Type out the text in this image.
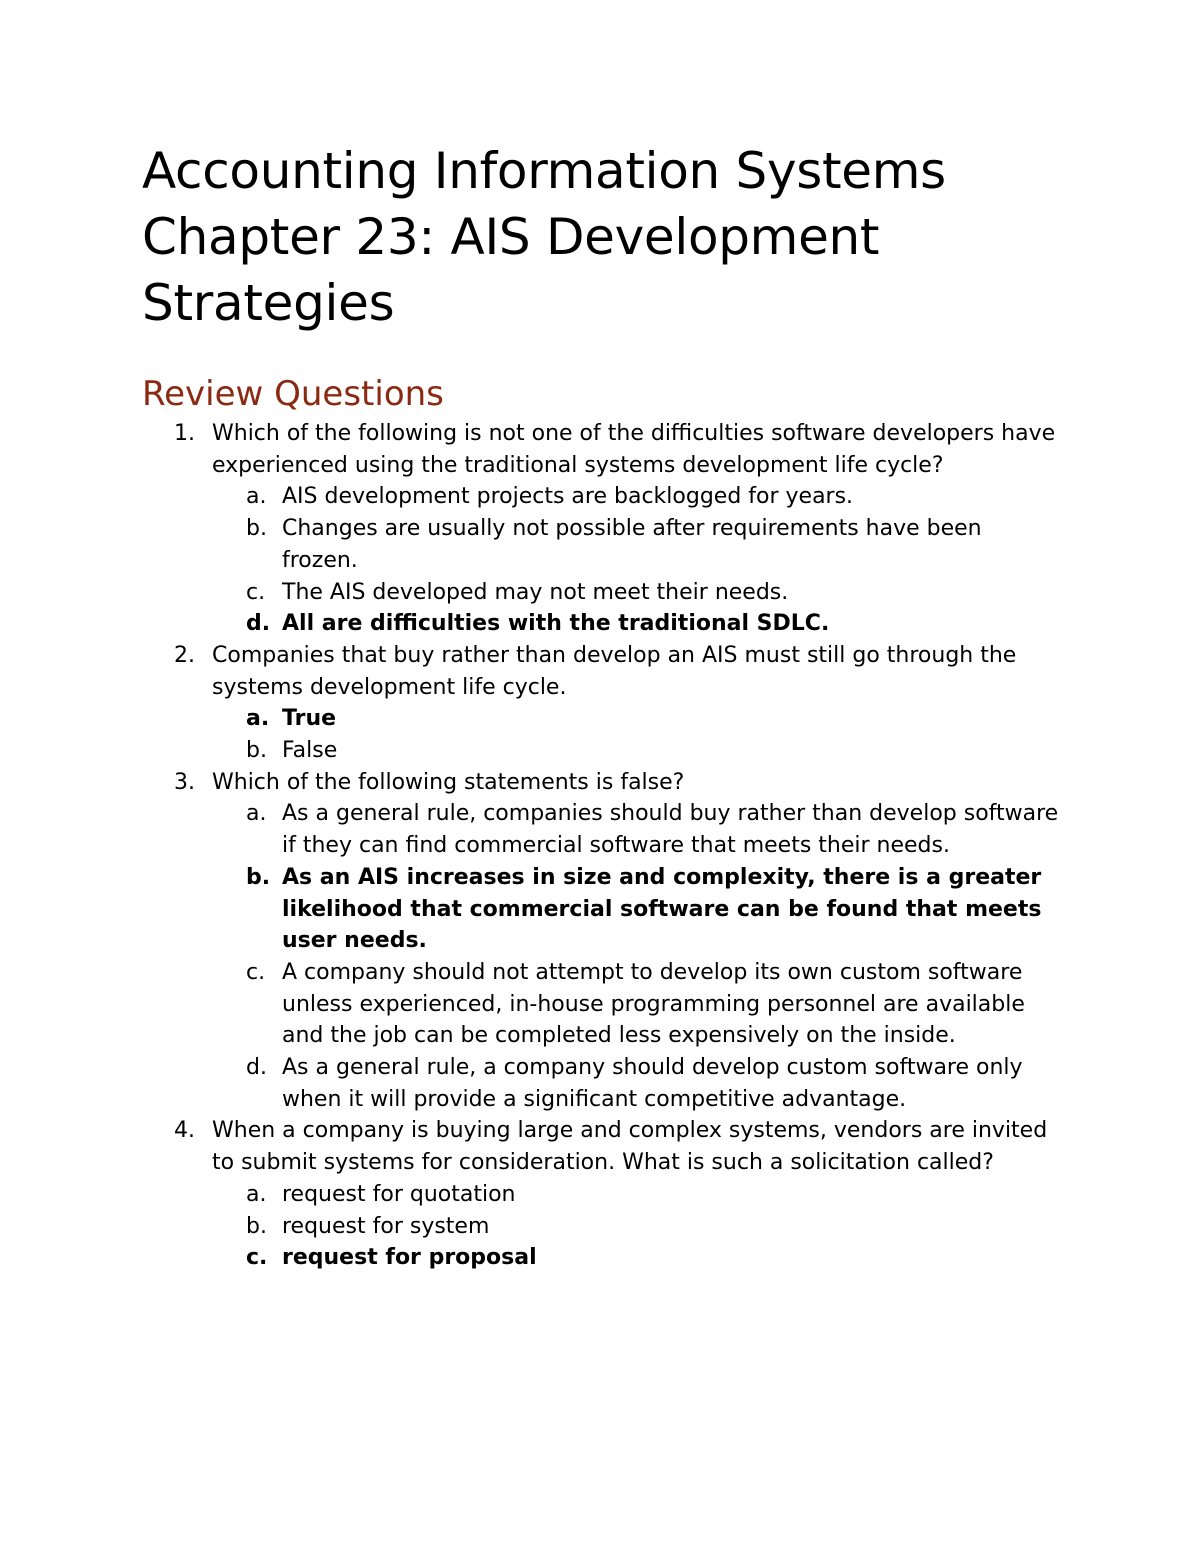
Accounting Information Systems
Chapter 23: AIS Development
Strategies
Review Questions
1. Which of the following is not one of the difficulties software developers have experienced using the traditional systems development life cycle?
a. AIS development projects are backlogged for years.
b. Changes are usually not possible after requirements have been frozen.
c. The AIS developed may not meet their needs.
d. All are difficulties with the traditional SDLC.
2. Companies that buy rather than develop an AIS must still go through the systems development life cycle.
a. True
b. False
3. Which of the following statements is false?
a. As a general rule, companies should buy rather than develop software if they can find commercial software that meets their needs.
b. As an AIS increases in size and complexity, there is a greater likelihood that commercial software can be found that meets user needs.
c. A company should not attempt to develop its own custom software unless experienced, in-house programming personnel are available and the job can be completed less expensively on the inside.
d. As a general rule, a company should develop custom software only when it will provide a significant competitive advantage.
4. When a company is buying large and complex systems, vendors are invited to submit systems for consideration. What is such a solicitation called?
a. request for quotation
b. request for system
c. request for proposal
